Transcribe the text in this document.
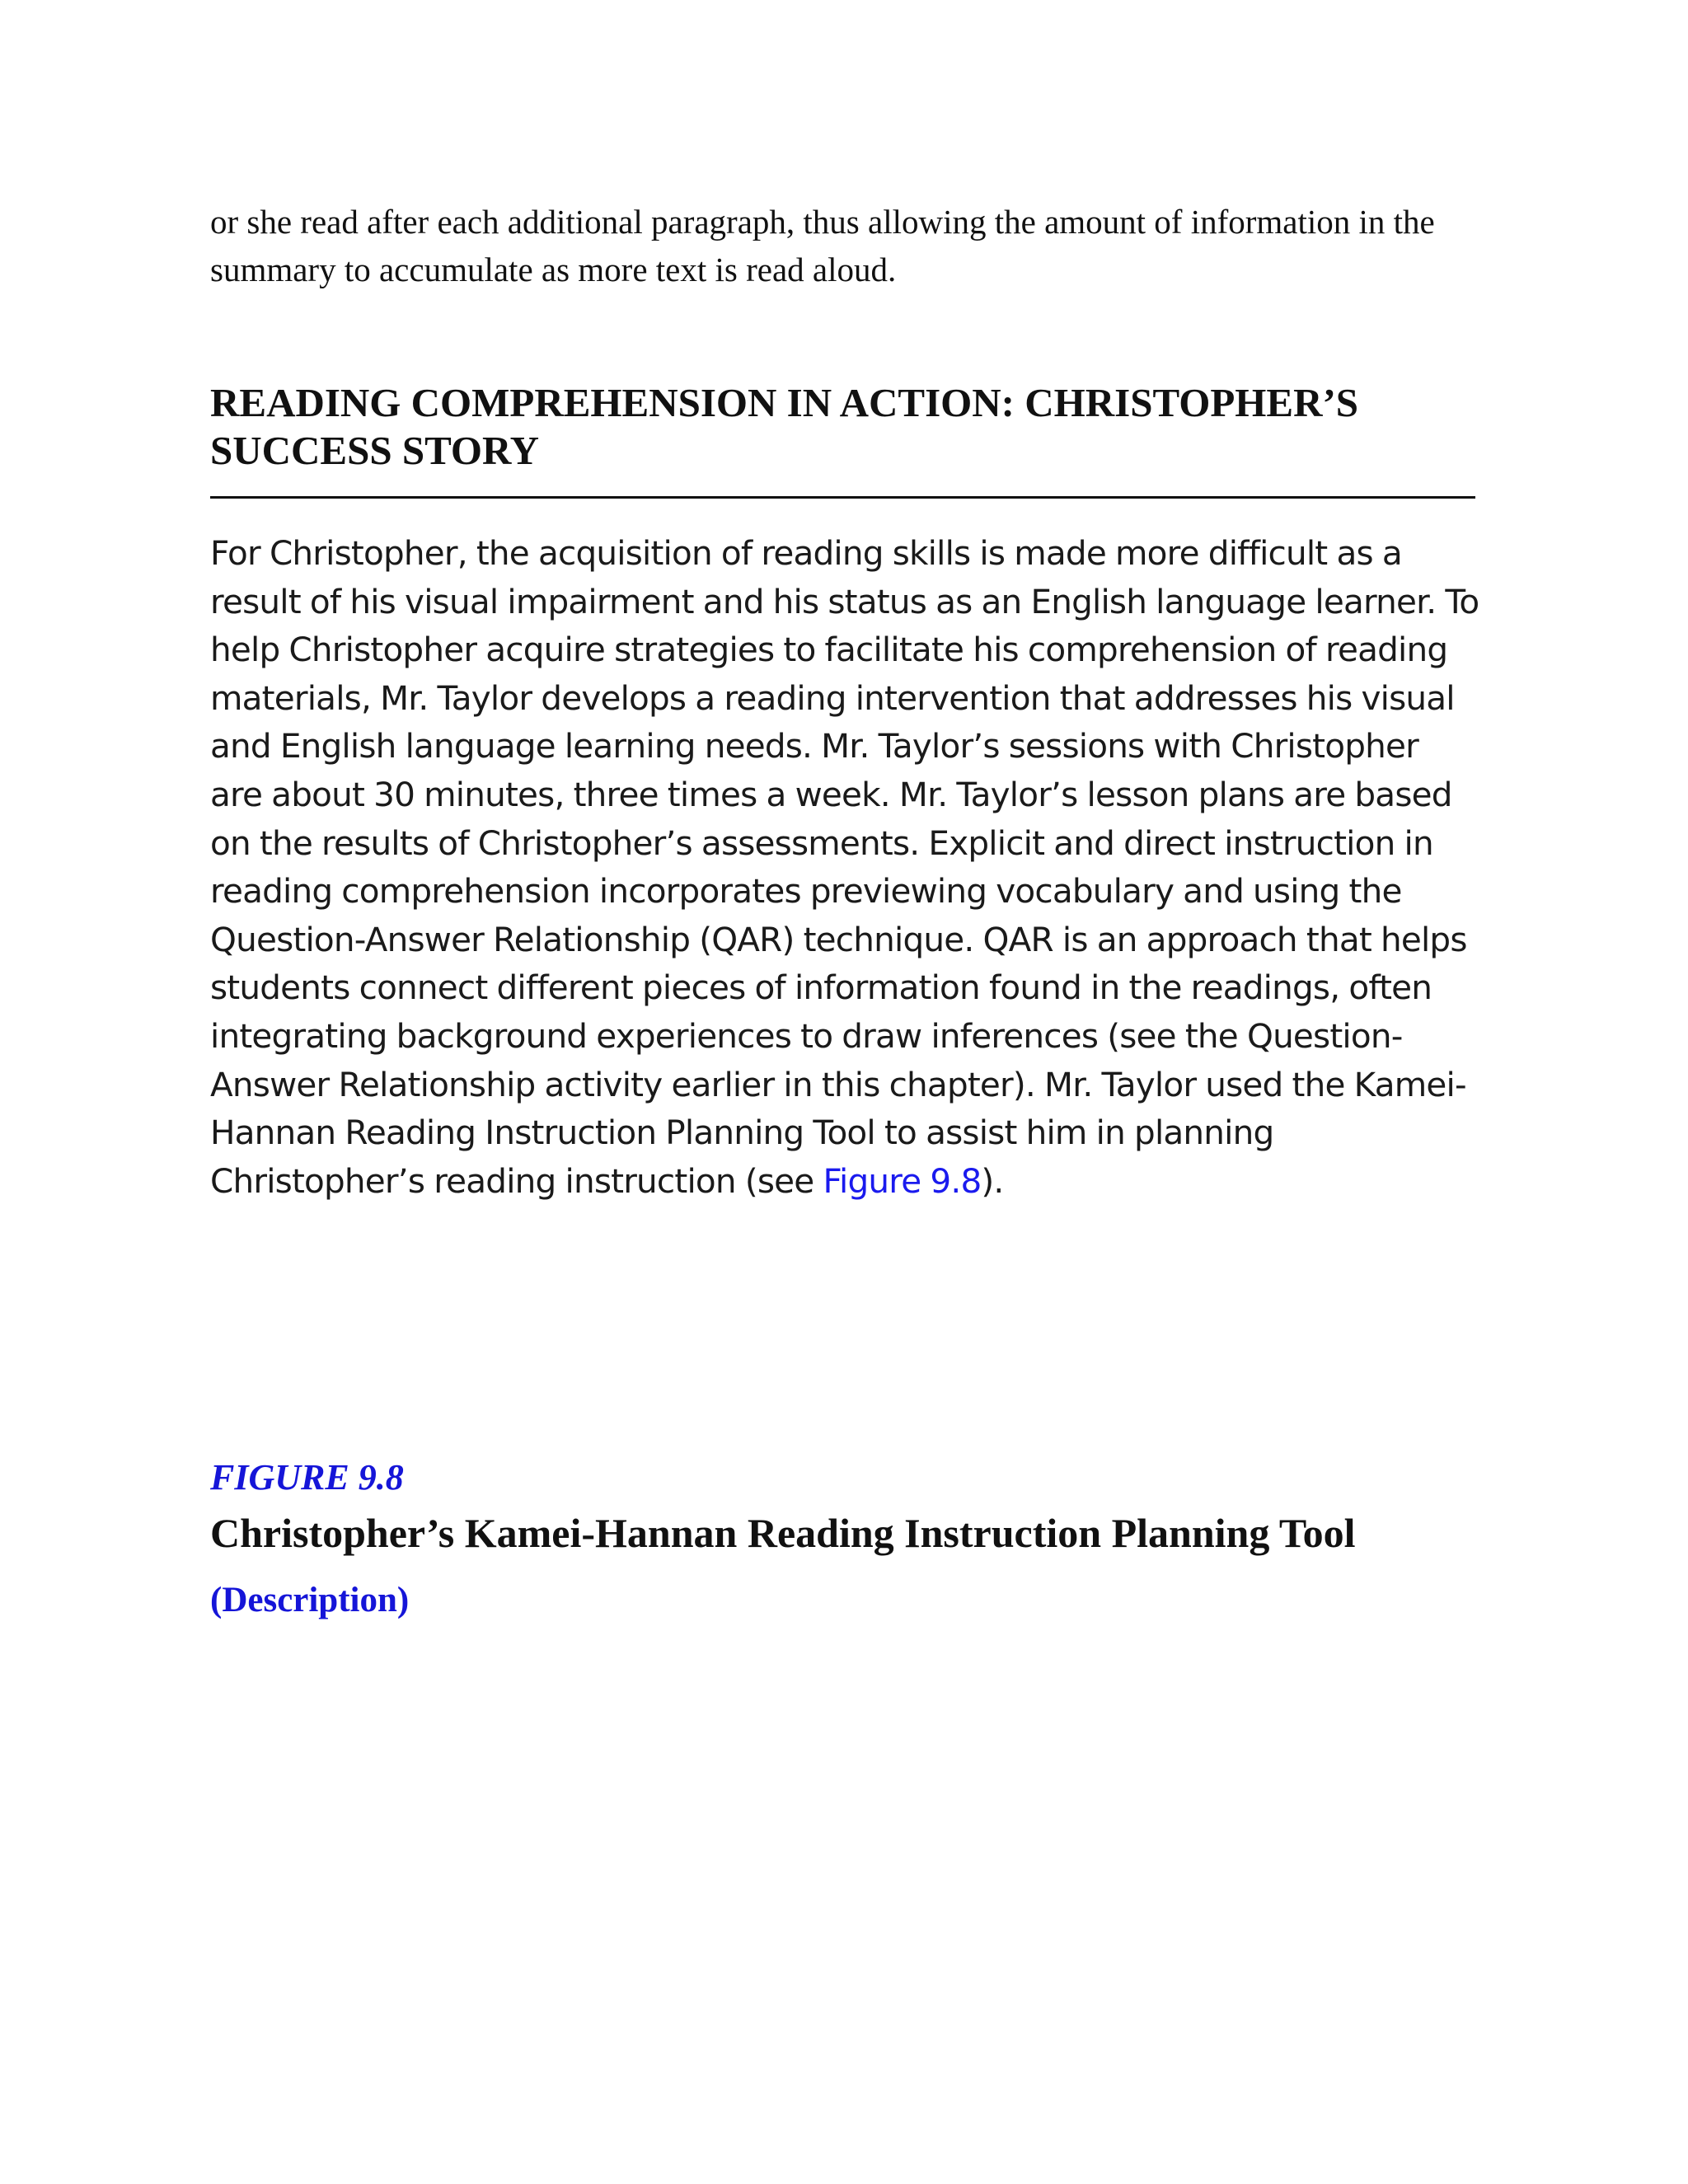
or she read after each additional paragraph, thus allowing the amount of information in the summary to accumulate as more text is read aloud.

READING COMPREHENSION IN ACTION: CHRISTOPHER’S SUCCESS STORY

For Christopher, the acquisition of reading skills is made more difficult as a result of his visual impairment and his status as an English language learner. To help Christopher acquire strategies to facilitate his comprehension of reading materials, Mr. Taylor develops a reading intervention that addresses his visual and English language learning needs. Mr. Taylor’s sessions with Christopher are about 30 minutes, three times a week. Mr. Taylor’s lesson plans are based on the results of Christopher’s assessments. Explicit and direct instruction in reading comprehension incorporates previewing vocabulary and using the Question-Answer Relationship (QAR) technique. QAR is an approach that helps students connect different pieces of information found in the readings, often integrating background experiences to draw inferences (see the Question-Answer Relationship activity earlier in this chapter). Mr. Taylor used the Kamei-Hannan Reading Instruction Planning Tool to assist him in planning Christopher’s reading instruction (see Figure 9.8).

FIGURE 9.8

Christopher’s Kamei-Hannan Reading Instruction Planning Tool

(Description)
